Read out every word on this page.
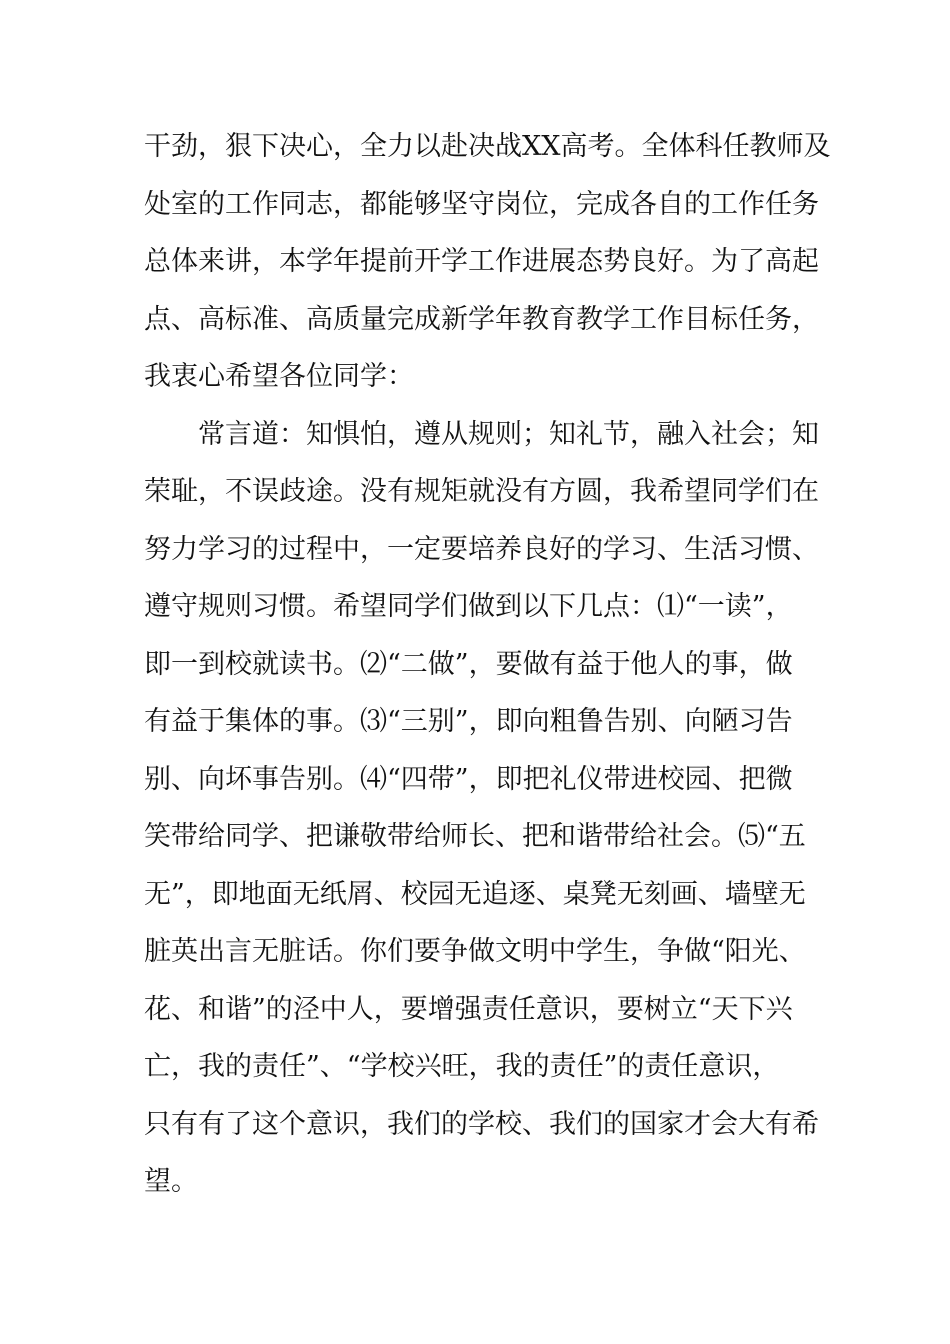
干劲，狠下决心，全力以赴决战XX高考。全体科任教师及
处室的工作同志，都能够坚守岗位，完成各自的工作任务
总体来讲，本学年提前开学工作进展态势良好。为了高起
点、高标准、高质量完成新学年教育教学工作目标任务，
我衷心希望各位同学：
常言道：知惧怕，遵从规则；知礼节，融入社会；知
荣耻，不误歧途。没有规矩就没有方圆，我希望同学们在
努力学习的过程中，一定要培养良好的学习、生活习惯、
遵守规则习惯。希望同学们做到以下几点：⑴“一读”，
即一到校就读书。⑵“二做”，要做有益于他人的事，做
有益于集体的事。⑶“三别”，即向粗鲁告别、向陋习告
别、向坏事告别。⑷“四带”，即把礼仪带进校园、把微
笑带给同学、把谦敬带给师长、把和谐带给社会。⑸“五
无”，即地面无纸屑、校园无追逐、桌凳无刻画、墙壁无
脏英出言无脏话。你们要争做文明中学生，争做“阳光、
花、和谐”的泾中人，要增强责任意识，要树立“天下兴
亡，我的责任”、“学校兴旺，我的责任”的责任意识，
只有有了这个意识，我们的学校、我们的国家才会大有希
望。
